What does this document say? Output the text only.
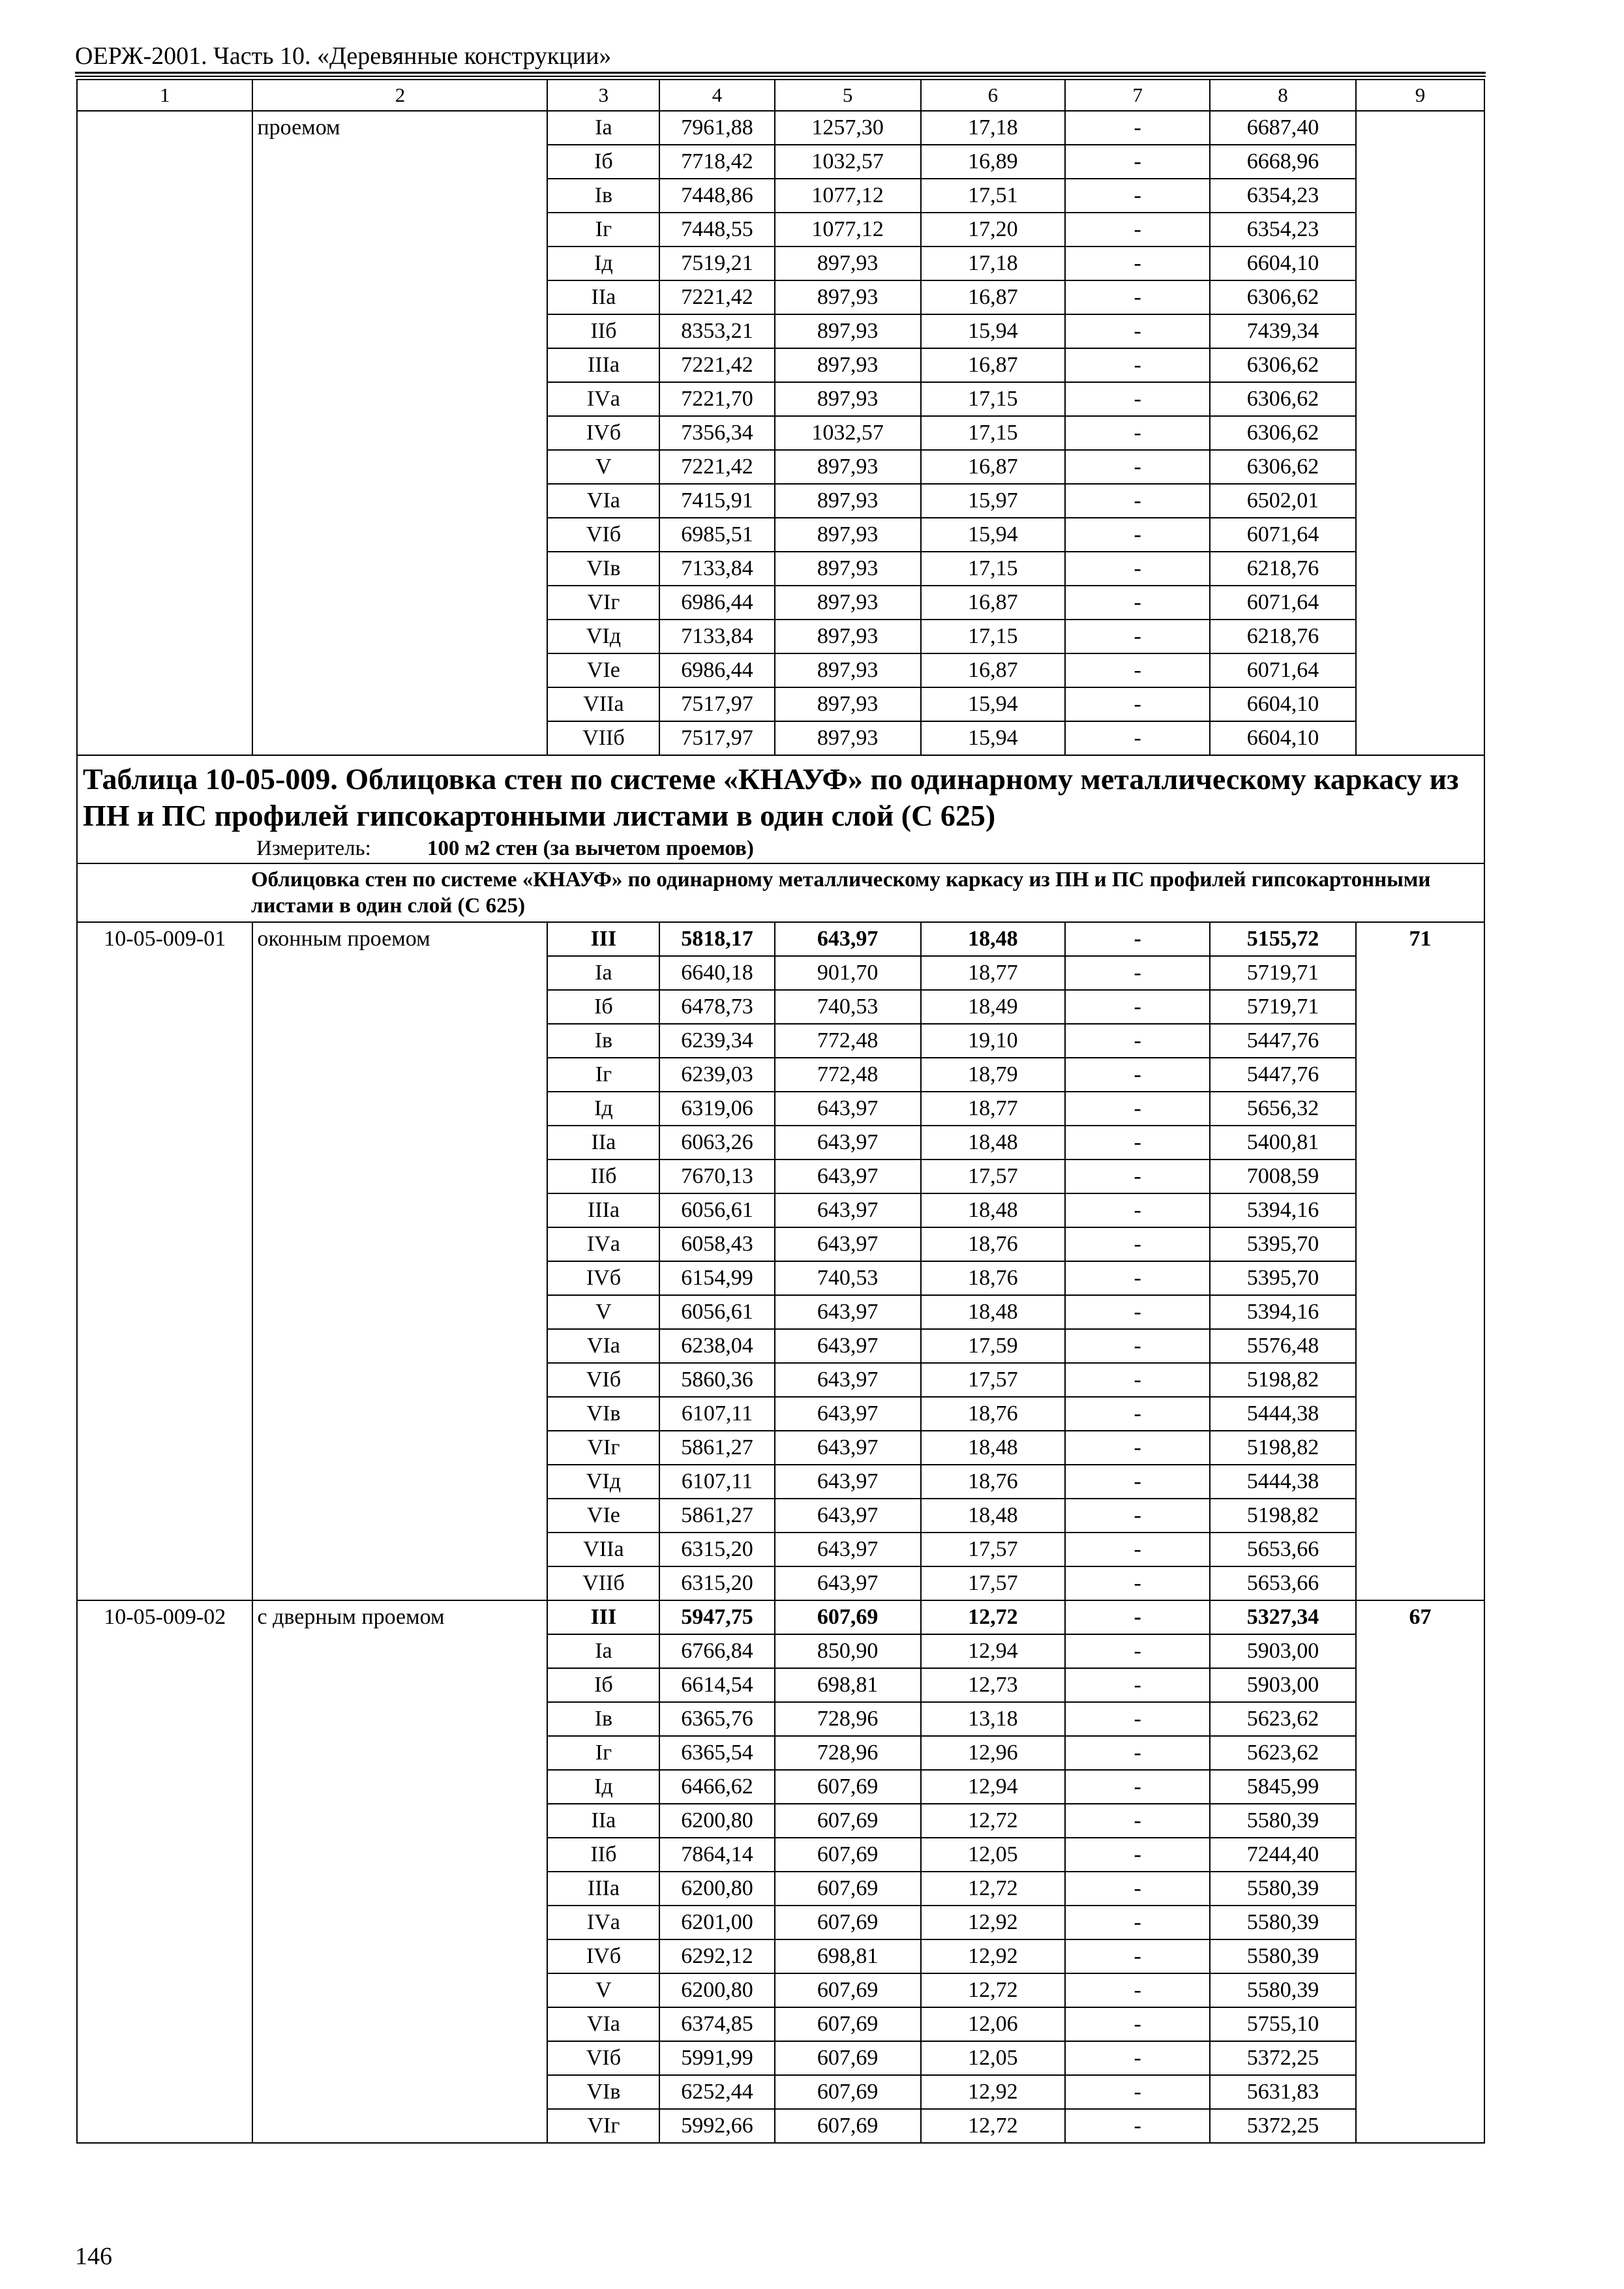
ОЕРЖ-2001. Часть 10. «Деревянные конструкции»
1	2	3	4	5	6	7	8	9
	проемом	Iа	7961,88	1257,30	17,18	-	6687,40	
		Iб	7718,42	1032,57	16,89	-	6668,96	
		Iв	7448,86	1077,12	17,51	-	6354,23	
		Iг	7448,55	1077,12	17,20	-	6354,23	
		Iд	7519,21	897,93	17,18	-	6604,10	
		IIа	7221,42	897,93	16,87	-	6306,62	
		IIб	8353,21	897,93	15,94	-	7439,34	
		IIIа	7221,42	897,93	16,87	-	6306,62	
		IVа	7221,70	897,93	17,15	-	6306,62	
		IVб	7356,34	1032,57	17,15	-	6306,62	
		V	7221,42	897,93	16,87	-	6306,62	
		VIа	7415,91	897,93	15,97	-	6502,01	
		VIб	6985,51	897,93	15,94	-	6071,64	
		VIв	7133,84	897,93	17,15	-	6218,76	
		VIг	6986,44	897,93	16,87	-	6071,64	
		VIд	7133,84	897,93	17,15	-	6218,76	
		VIе	6986,44	897,93	16,87	-	6071,64	
		VIIа	7517,97	897,93	15,94	-	6604,10	
		VIIб	7517,97	897,93	15,94	-	6604,10	

Таблица 10-05-009. Облицовка стен по системе «КНАУФ» по одинарному металлическому каркасу из ПН и ПС профилей гипсокартонными листами в один слой (С 625)
Измеритель: 100 м2 стен (за вычетом проемов)								

Облицовка стен по системе «КНАУФ» по одинарному металлическому каркасу из ПН и ПС профилей гипсокартонными листами в один слой (С 625)								
10-05-009-01	оконным проемом	III	5818,17	643,97	18,48	-	5155,72	71
		Iа	6640,18	901,70	18,77	-	5719,71	
		Iб	6478,73	740,53	18,49	-	5719,71	
		Iв	6239,34	772,48	19,10	-	5447,76	
		Iг	6239,03	772,48	18,79	-	5447,76	
		Iд	6319,06	643,97	18,77	-	5656,32	
		IIа	6063,26	643,97	18,48	-	5400,81	
		IIб	7670,13	643,97	17,57	-	7008,59	
		IIIа	6056,61	643,97	18,48	-	5394,16	
		IVа	6058,43	643,97	18,76	-	5395,70	
		IVб	6154,99	740,53	18,76	-	5395,70	
		V	6056,61	643,97	18,48	-	5394,16	
		VIа	6238,04	643,97	17,59	-	5576,48	
		VIб	5860,36	643,97	17,57	-	5198,82	
		VIв	6107,11	643,97	18,76	-	5444,38	
		VIг	5861,27	643,97	18,48	-	5198,82	
		VIд	6107,11	643,97	18,76	-	5444,38	
		VIе	5861,27	643,97	18,48	-	5198,82	
		VIIа	6315,20	643,97	17,57	-	5653,66	
		VIIб	6315,20	643,97	17,57	-	5653,66	
10-05-009-02	с дверным проемом	III	5947,75	607,69	12,72	-	5327,34	67
		Iа	6766,84	850,90	12,94	-	5903,00	
		Iб	6614,54	698,81	12,73	-	5903,00	
		Iв	6365,76	728,96	13,18	-	5623,62	
		Iг	6365,54	728,96	12,96	-	5623,62	
		Iд	6466,62	607,69	12,94	-	5845,99	
		IIа	6200,80	607,69	12,72	-	5580,39	
		IIб	7864,14	607,69	12,05	-	7244,40	
		IIIа	6200,80	607,69	12,72	-	5580,39	
		IVа	6201,00	607,69	12,92	-	5580,39	
		IVб	6292,12	698,81	12,92	-	5580,39	
		V	6200,80	607,69	12,72	-	5580,39	
		VIа	6374,85	607,69	12,06	-	5755,10	
		VIб	5991,99	607,69	12,05	-	5372,25	
		VIв	6252,44	607,69	12,92	-	5631,83	
		VIг	5992,66	607,69	12,72	-	5372,25	
146
